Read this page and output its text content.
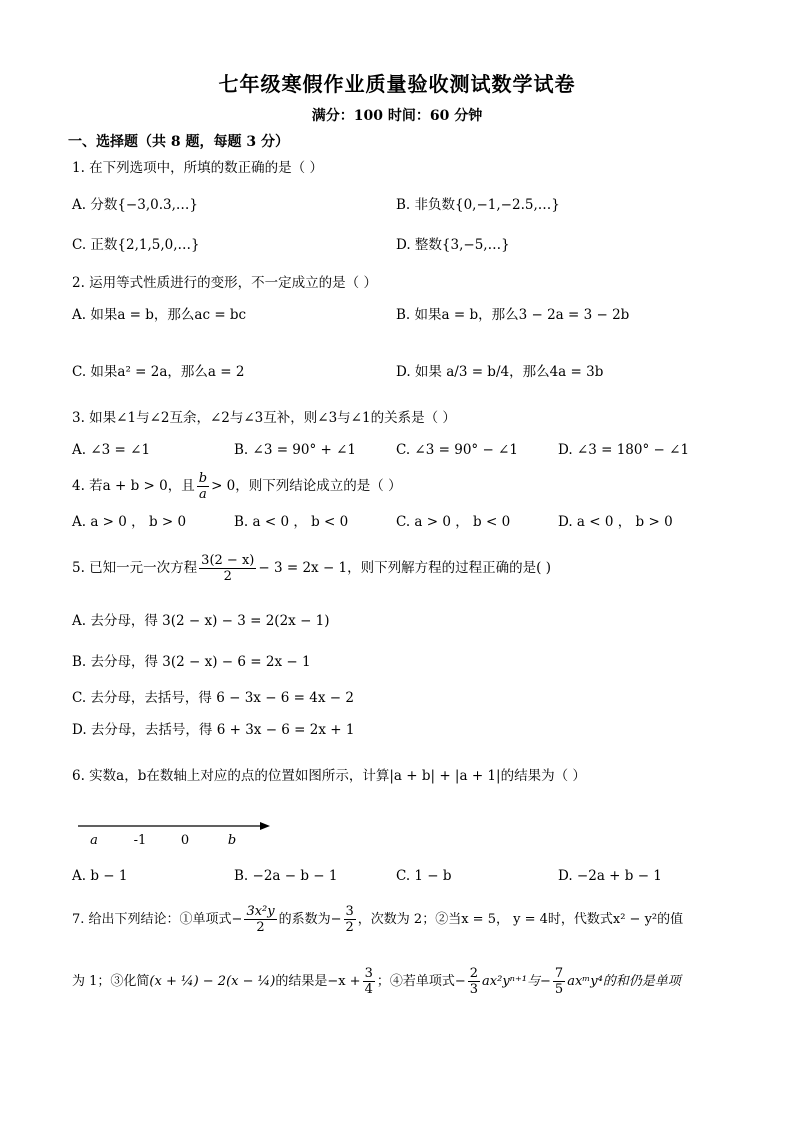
七年级寒假作业质量验收测试数学试卷
满分：100 时间：60 分钟
一、选择题（共 8 题，每题 3 分）
1. 在下列选项中，所填的数正确的是（ ）
A. 分数{−3,0.3,…}	B. 非负数{0,−1,−2.5,…}
C. 正数{2,1,5,0,…}	D. 整数{3,−5,…}
2. 运用等式性质进行的变形，不一定成立的是（ ）
A. 如果a = b，那么ac = bc	B. 如果a = b，那么3 − 2a = 3 − 2b
C. 如果a² = 2a，那么a = 2	D. 如果 a/3 = b/4，那么4a = 3b
3. 如果∠1与∠2互余，∠2与∠3互补，则∠3与∠1的关系是（ ）
A. ∠3 = ∠1	B. ∠3 = 90° + ∠1	C. ∠3 = 90° − ∠1	D. ∠3 = 180° − ∠1
4. 若a + b > 0，且 $\frac{b}{a} > 0$，则下列结论成立的是（ ）
A. a > 0 ， b > 0	B. a < 0 ， b < 0	C. a > 0 ， b < 0	D. a < 0 ， b > 0
5. 已知一元一次方程 $\frac{3(2 - x)}{2} - 3 = 2x - 1$，则下列解方程的过程正确的是( )
A. 去分母，得 3(2 − x) − 3 = 2(2x − 1)
B. 去分母，得 3(2 − x) − 6 = 2x − 1
C. 去分母，去括号，得 6 − 3x − 6 = 4x − 2
D. 去分母，去括号，得 6 + 3x − 6 = 2x + 1
6. 实数a，b在数轴上对应的点的位置如图所示，计算|a + b| + |a + 1|的结果为（ ）
a	-1	0	b
A. b − 1	B. −2a − b − 1	C. 1 − b	D. −2a + b − 1
7. 给出下列结论：①单项式− $\frac{\text{3x²y}}{2}$ 的系数为− $\frac{3}{2}$ ，次数为 2；②当x = 5， y = 4时，代数式x² − y²的值
为 1；③化简(x + ¼) − 2(x − ¼)的结果是$-x + \frac{3}{4}$ ；④若单项式− $\frac{2}{3} ax^2y^{n+1}$与− $\frac{7}{5}$ axᵐy⁴的和仍是单项
